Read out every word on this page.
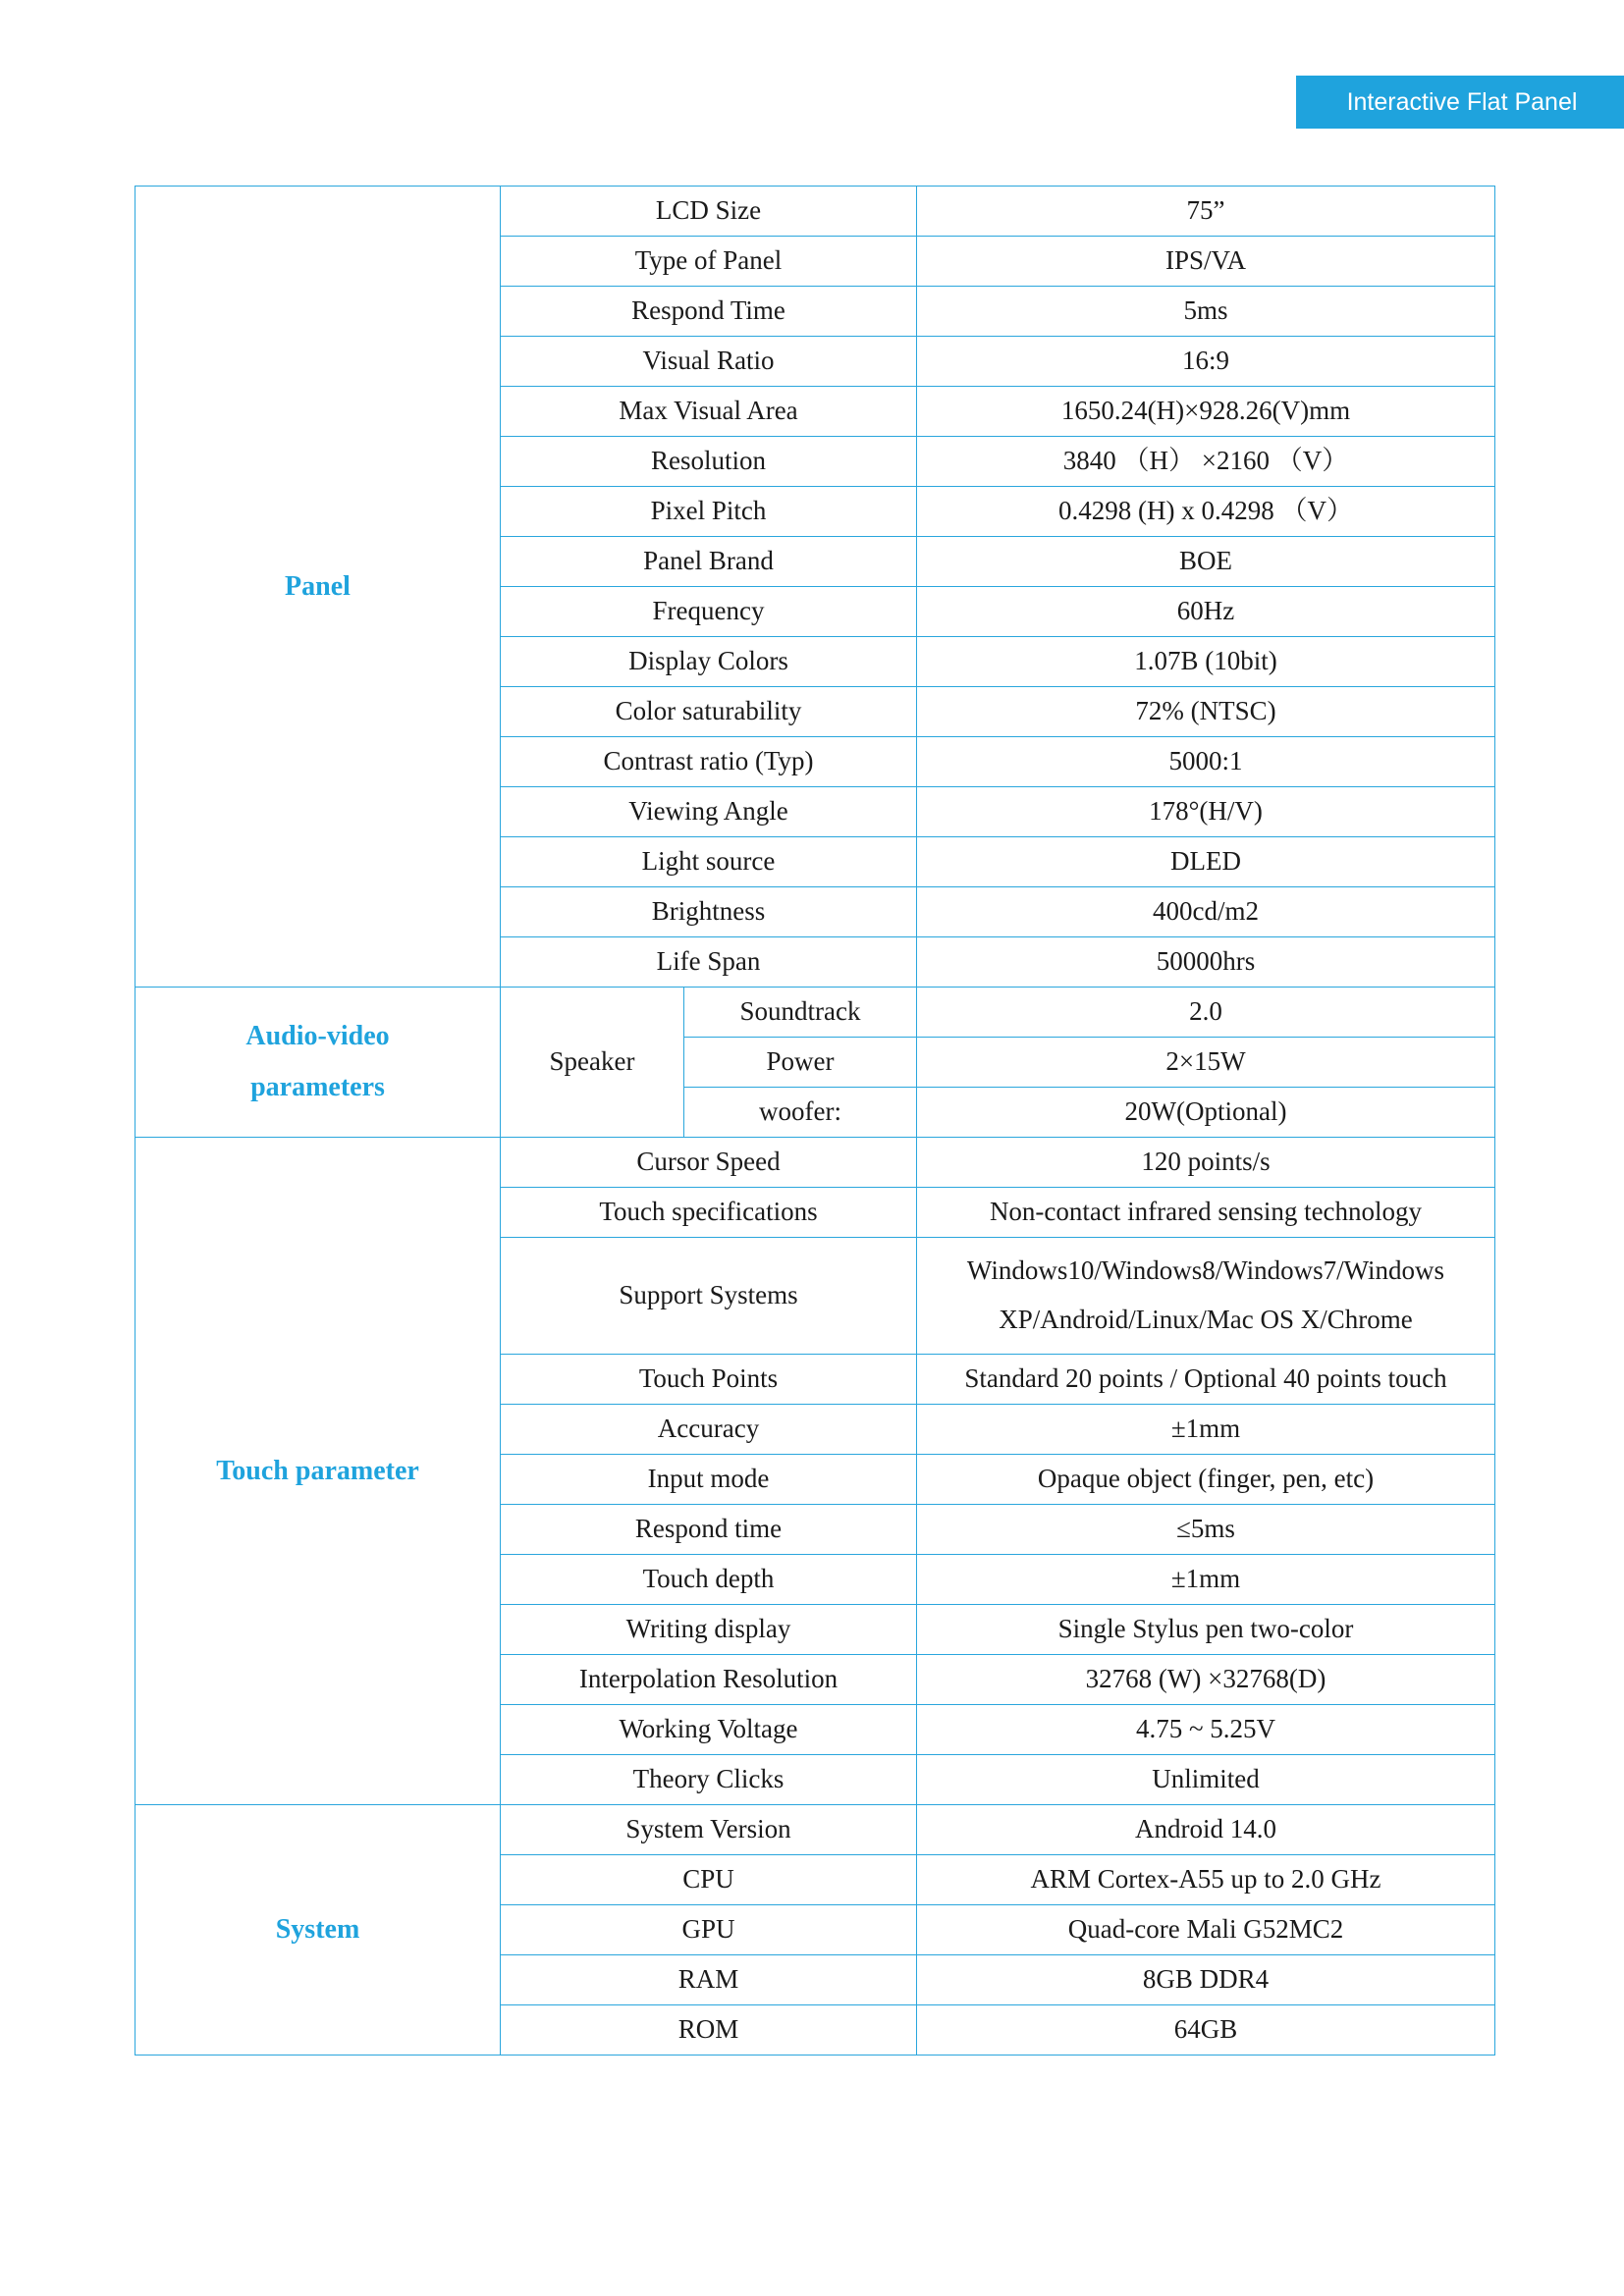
Interactive Flat Panel
Panel	LCD Size		75”
	Type of Panel		IPS/VA
	Respond Time		5ms
	Visual Ratio		16:9
	Max Visual Area		1650.24(H)×928.26(V)mm
	Resolution		3840 （H） ×2160 （V）
	Pixel Pitch		0.4298 (H) x 0.4298 （V）
	Panel Brand		BOE
	Frequency		60Hz
	Display Colors		1.07B (10bit)
	Color saturability		72% (NTSC)
	Contrast ratio (Typ)		5000:1
	Viewing Angle		178°(H/V)
	Light source		DLED
	Brightness		400cd/m2
	Life Span		50000hrs

Audio-video
parameters	Speaker	Soundtrack	2.0
		Power	2×15W
		woofer:	20W(Optional)
Touch parameter	Cursor Speed		120 points/s
	Touch specifications		Non-contact infrared sensing technology
	Support Systems		Windows10/Windows8/Windows7/Windows
XP/Android/Linux/Mac OS X/Chrome

	Touch Points		Standard 20 points / Optional 40 points touch
	Accuracy		±1mm
	Input mode		Opaque object (finger, pen, etc)
	Respond time		≤5ms
	Touch depth		±1mm
	Writing display		Single Stylus pen two-color
	Interpolation Resolution		32768 (W) ×32768(D)
	Working Voltage		4.75 ~ 5.25V
	Theory Clicks		Unlimited
System	System Version		Android 14.0
	CPU		ARM Cortex-A55 up to 2.0 GHz
	GPU		Quad-core Mali G52MC2
	RAM		8GB DDR4
	ROM		64GB
